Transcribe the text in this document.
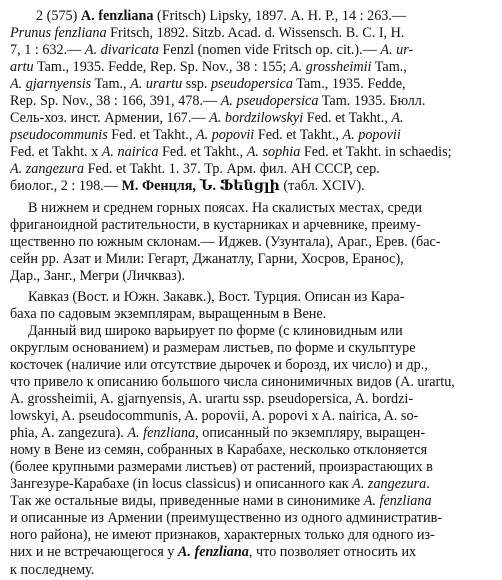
2 (575) A. fenzliana (Fritsch) Lipsky, 1897. А. Н. Р., 14 : 263.—
Prunus fenzliana Fritsch, 1892. Sitzb. Acad. d. Wissensch. B. C. I, H.
7, 1 : 632.— A. divaricata Fenzl (nomen vide Fritsch op. cit.).— A. ur-
artu Tam., 1935. Fedde, Rep. Sp. Nov., 38 : 155; A. grossheimii Tam.,
A. gjarnyensis Tam., A. urartu ssp. pseudopersica Tam., 1935. Fedde,
Rep. Sp. Nov., 38 : 166, 391, 478.— A. pseudopersica Tam. 1935. Бюлл.
Сель-хоз. инст. Армении, 167.— A. bordzilowskyi Fed. et Takht., A.
pseudocommunis Fed. et Takht., A. popovii Fed. et Takht., A. popovii
Fed. et Takht. x A. nairica Fed. et Takht., A. sophia Fed. et Takht. in schaedis;
A. zangezura Fed. et Takht. 1. 37. Тр. Арм. фил. АН СССР, сер.
биолог., 2 : 198.— М. Фенцля, Ն. Ֆենցլի (табл. XCIV).
В нижнем и среднем горных поясах. На скалистых местах, среди
фриганоидной растительности, в кустарниках и арчевнике, преиму-
щественно по южным склонам.— Иджев. (Узунтала), Араг., Ерев. (бас-
сейн рр. Азат и Мили: Гегарт, Джанатлу, Гарни, Хосров, Еранос),
Дар., Занг., Мегри (Личкваз).
Кавказ (Вост. и Южн. Закавк.), Вост. Турция. Описан из Кара-
баха по садовым экземплярам, выращенным в Вене.
Данный вид широко варьирует по форме (с клиновидным или
округлым основанием) и размерам листьев, по форме и скульптуре
косточек (наличие или отсутствие дырочек и борозд, их число) и др.,
что привело к описанию большого числа синонимичных видов (A. urartu,
A. grossheimii, A. gjarnyensis, A. urartu ssp. pseudopersica, A. bordzi-
lowskyi, A. pseudocommunis, A. popovii, A. popovi x A. nairica, A. so-
phia, A. zangezura). A. fenzliana, описанный по экземпляру, выращен-
ному в Вене из семян, собранных в Карабахе, несколько отклоняется
(более крупными размерами листьев) от растений, произрастающих в
Зангезуре-Карабахе (in locus classicus) и описанного как A. zangezura.
Так же остальные виды, приведенные нами в синонимике A. fenzliana
и описанные из Армении (преимущественно из одного административ-
ного района), не имеют признаков, характерных только для одного из-
них и не встречающегося у A. fenzliana, что позволяет относить их
к последнему.
